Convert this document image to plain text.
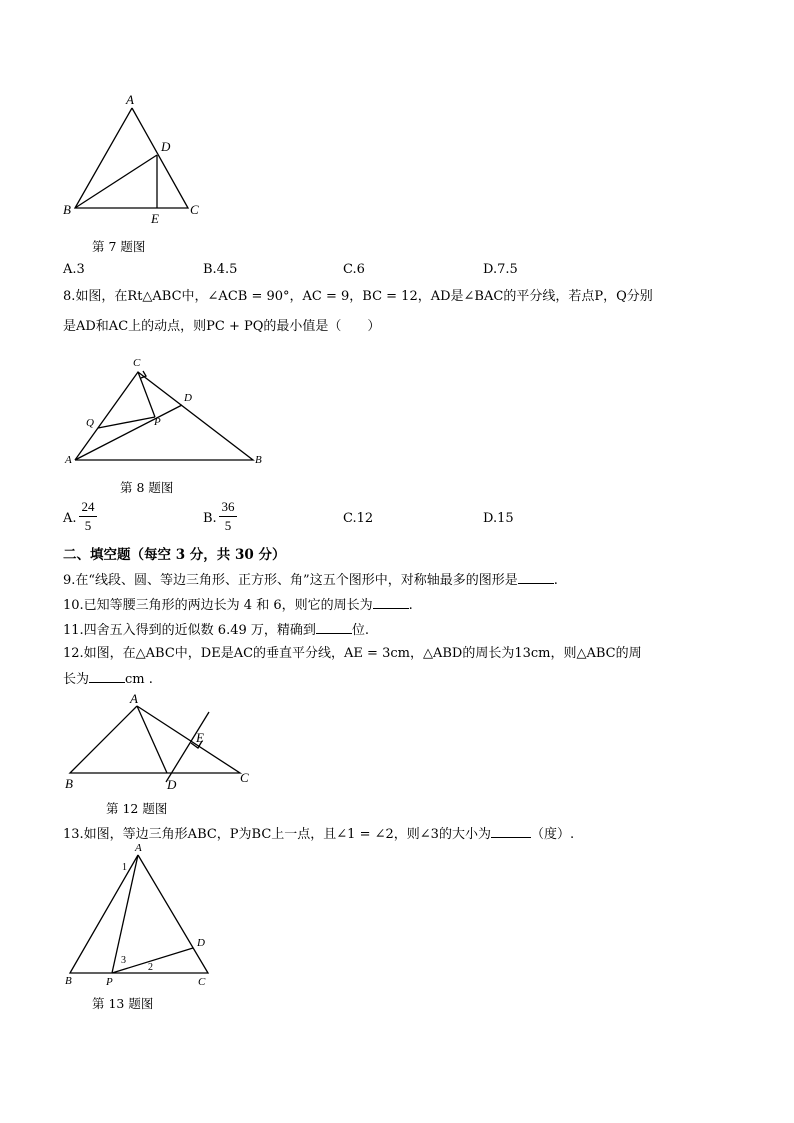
A
D
B	C
E
第 7 题图
A.3	B.4.5	C.6	D.7.5
8.如图，在Rt△ABC中，∠ACB = 90°，AC = 9，BC = 12，AD是∠BAC的平分线，若点P，Q分别
是AD和AC上的动点，则PC + PQ的最小值是（　　）
C
D
Q	P
A	B
第 8 题图
A.
24
5	B.
36
5	C.12	D.15
二、填空题（每空 3 分，共 30 分）
9.在“线段、圆、等边三角形、正方形、角”这五个图形中，对称轴最多的图形是	.
10.已知等腰三角形的两边长为 4 和 6，则它的周长为	.
11.四舍五入得到的近似数 6.49 万，精确到	位.
12.如图，在△ABC中，DE是AC的垂直平分线，AE = 3cm，△ABD的周长为13cm，则△ABC的周
长为	cm .
A
E
B	D	C
第 12 题图
13.如图，等边三角形ABC，P为BC上一点，且∠1 = ∠2，则∠3的大小为	（度）.
A
1
D
3
2
B	P	C
第 13 题图
